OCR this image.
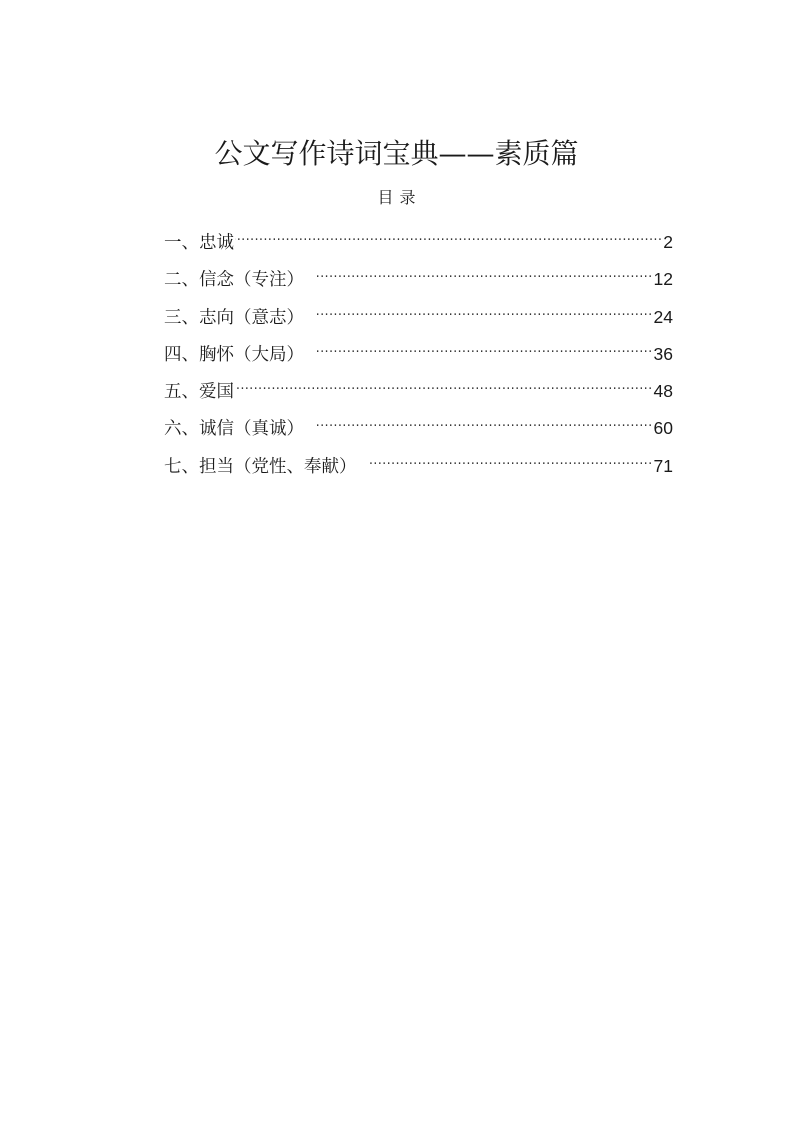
公文写作诗词宝典——素质篇
目录
一、忠诚 .....	2
二、信念（专注） .....	12
三、志向（意志） .....	24
四、胸怀（大局） .....	36
五、爱国 .....	48
六、诚信（真诚） .....	60
七、担当（党性、奉献） .....	71
